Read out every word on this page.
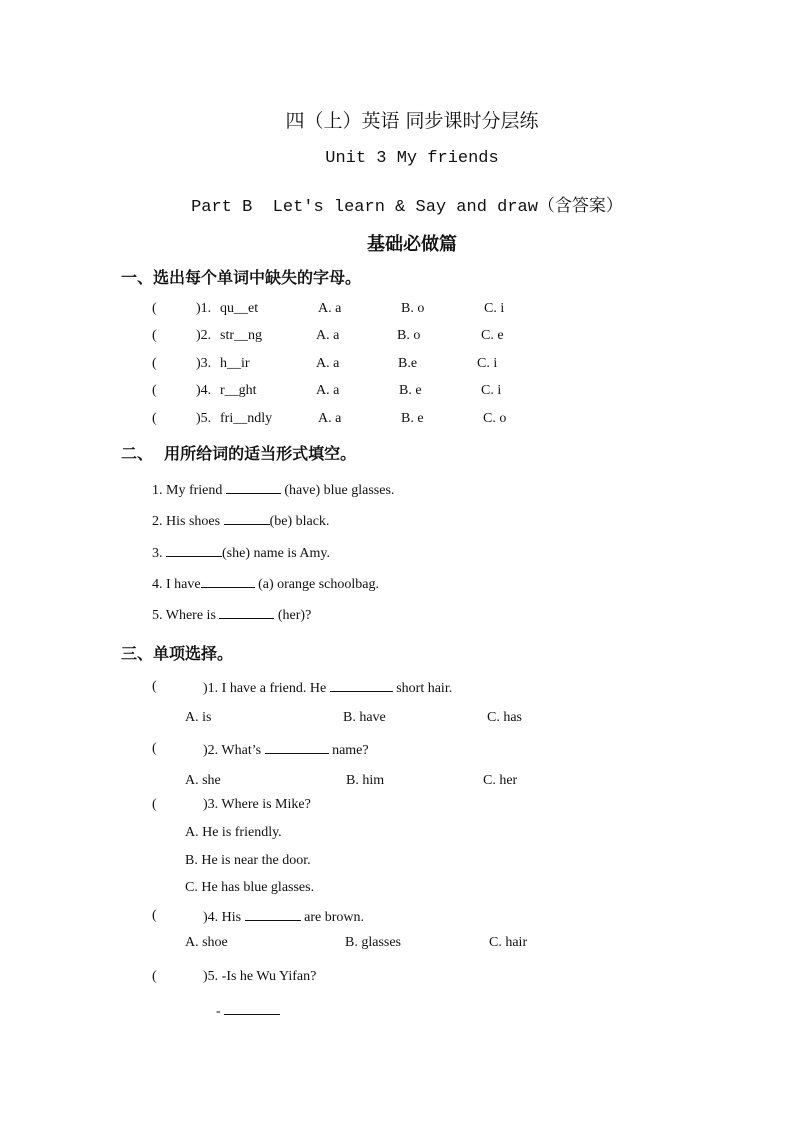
四（上）英语 同步课时分层练
Unit 3 My friends
Part B  Let's learn & Say and draw（含答案）
基础必做篇
一、选出每个单词中缺失的字母。
(	)1. qu__et	A. a	B. o	C. i
(	)2. str__ng	A. a	B. o	C. e
(	)3. h__ir	A. a	B.e	C. i
(	)4. r__ght	A. a	B. e	C. i
(	)5. fri__ndly	A. a	B. e	C. o
二、  用所给词的适当形式填空。
1. My friend	(have) blue glasses.
2. His shoes	(be) black.
3.	(she) name is Amy.
4. I have	(a) orange schoolbag.
5. Where is	(her)?
三、单项选择。
(	)1. I have a friend. He	short hair.
A. is	B. have	C. has
(	)2. What’s	name?
A. she	B. him	C. her
(	)3. Where is Mike?
A. He is friendly.
B. He is near the door.
C. He has blue glasses.
(	)4. His	are brown.
A. shoe	B. glasses	C. hair
(	)5. -Is he Wu Yifan?
-
